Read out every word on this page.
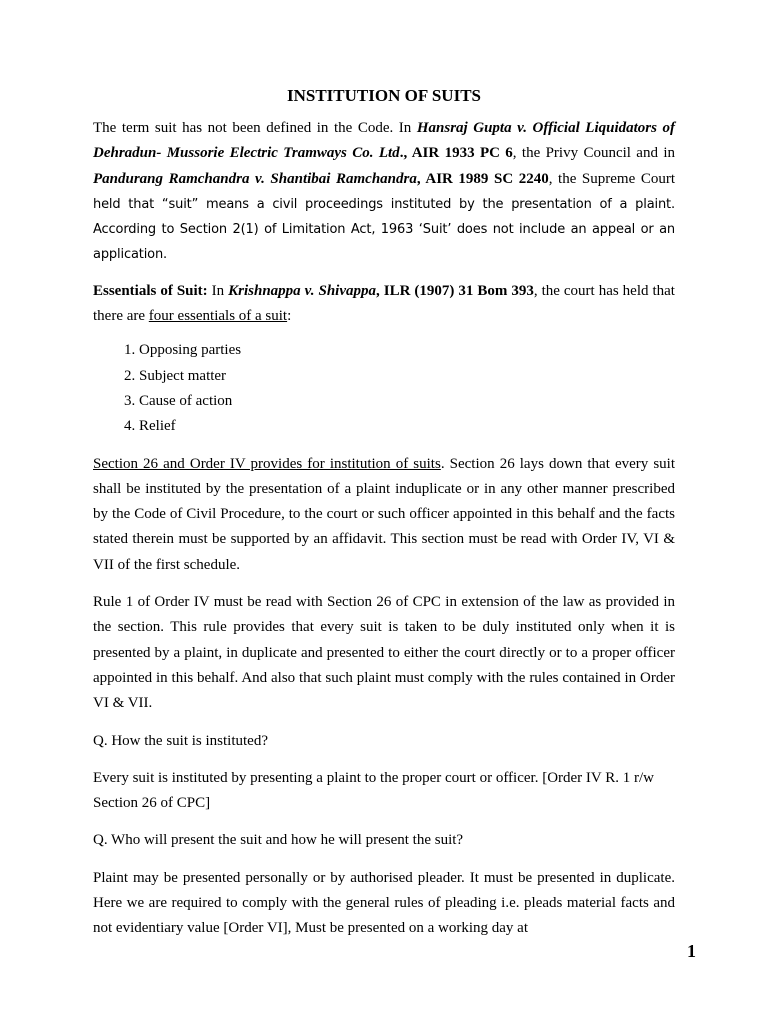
INSTITUTION OF SUITS

The term suit has not been defined in the Code. In Hansraj Gupta v. Official Liquidators of Dehradun- Mussorie Electric Tramways Co. Ltd., AIR 1933 PC 6, the Privy Council and in Pandurang Ramchandra v. Shantibai Ramchandra, AIR 1989 SC 2240, the Supreme Court held that “suit” means a civil proceedings instituted by the presentation of a plaint. According to Section 2(1) of Limitation Act, 1963 ‘Suit’ does not include an appeal or an application.

Essentials of Suit: In Krishnappa v. Shivappa, ILR (1907) 31 Bom 393, the court has held that there are four essentials of a suit:

1. Opposing parties
2. Subject matter
3. Cause of action
4. Relief

Section 26 and Order IV provides for institution of suits. Section 26 lays down that every suit shall be instituted by the presentation of a plaint induplicate or in any other manner prescribed by the Code of Civil Procedure, to the court or such officer appointed in this behalf and the facts stated therein must be supported by an affidavit. This section must be read with Order IV, VI & VII of the first schedule.

Rule 1 of Order IV must be read with Section 26 of CPC in extension of the law as provided in the section. This rule provides that every suit is taken to be duly instituted only when it is presented by a plaint, in duplicate and presented to either the court directly or to a proper officer appointed in this behalf. And also that such plaint must comply with the rules contained in Order VI & VII.

Q. How the suit is instituted?

Every suit is instituted by presenting a plaint to the proper court or officer. [Order IV R. 1 r/w Section 26 of CPC]

Q. Who will present the suit and how he will present the suit?

Plaint may be presented personally or by authorised pleader. It must be presented in duplicate. Here we are required to comply with the general rules of pleading i.e. pleads material facts and not evidentiary value [Order VI], Must be presented on a working day at

1
